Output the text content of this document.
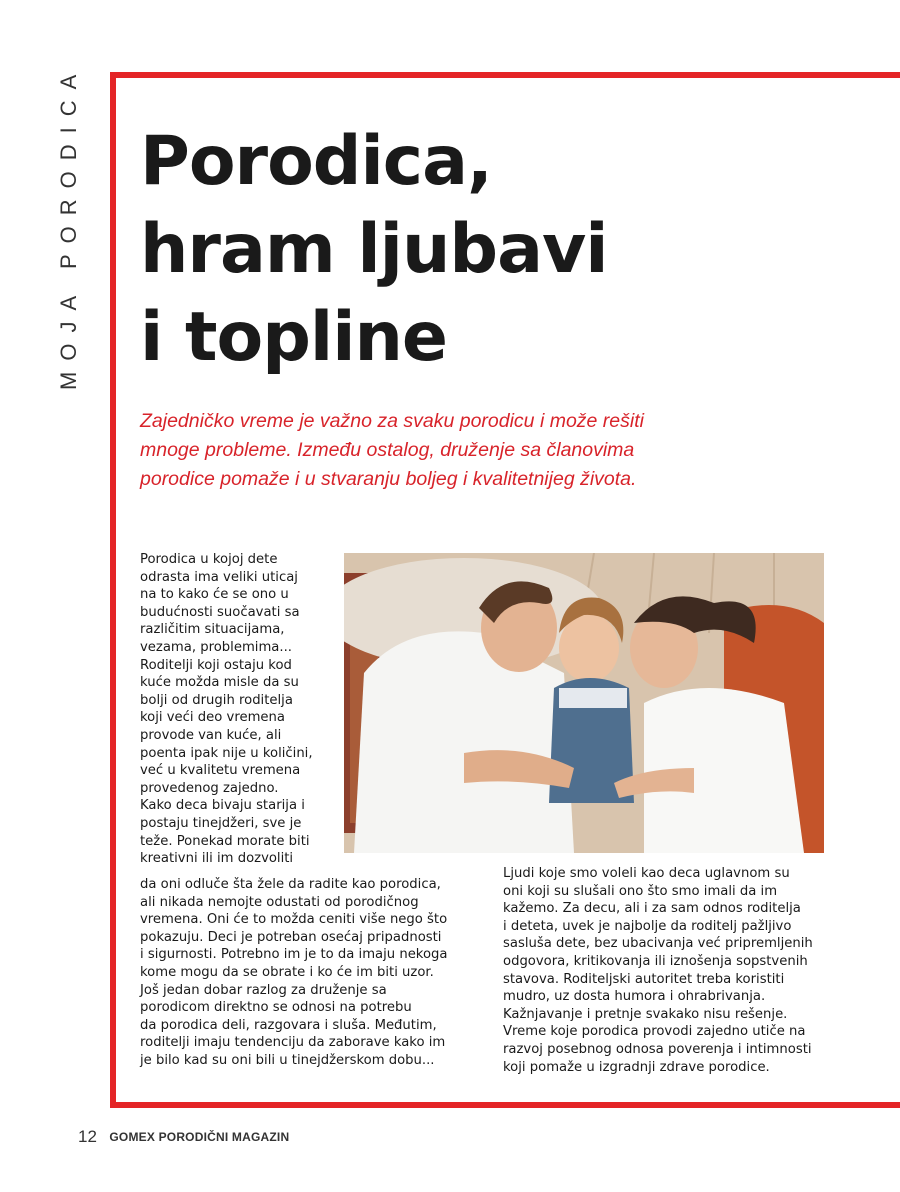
MOJA PORODICA Porodica,
hram ljubavi
i topline
Zajedničko vreme je važno za svaku porodicu i može rešiti
mnoge probleme. Između ostalog, druženje sa članovima
porodice pomaže i u stvaranju boljeg i kvalitetnijeg života.
Porodica u kojoj dete
odrasta ima veliki uticaj
na to kako će se ono u
budućnosti suočavati sa
različitim situacijama,
vezama, problemima...
Roditelji koji ostaju kod
kuće možda misle da su
bolji od drugih roditelja
koji veći deo vremena
provode van kuće, ali
poenta ipak nije u količini,
već u kvalitetu vremena
provedenog zajedno.
Kako deca bivaju starija i
postaju tinejdžeri, sve je
teže. Ponekad morate biti
kreativni ili im dozvoliti
da oni odluče šta žele da radite kao porodica,
ali nikada nemojte odustati od porodičnog
vremena. Oni će to možda ceniti više nego što
pokazuju. Deci je potreban osećaj pripadnosti
i sigurnosti. Potrebno im je to da imaju nekoga
kome mogu da se obrate i ko će im biti uzor.
Još jedan dobar razlog za druženje sa
porodicom direktno se odnosi na potrebu
da porodica deli, razgovara i sluša. Međutim,
roditelji imaju tendenciju da zaborave kako im
je bilo kad su oni bili u tinejdžerskom dobu...
Ljudi koje smo voleli kao deca uglavnom su
oni koji su slušali ono što smo imali da im
kažemo. Za decu, ali i za sam odnos roditelja
i deteta, uvek je najbolje da roditelj pažljivo
sasluša dete, bez ubacivanja već pripremljenih
odgovora, kritikovanja ili iznošenja sopstvenih
stavova. Roditeljski autoritet treba koristiti
mudro, uz dosta humora i ohrabrivanja.
Kažnjavanje i pretnje svakako nisu rešenje.
Vreme koje porodica provodi zajedno utiče na
razvoj posebnog odnosa poverenja i intimnosti
koji pomaže u izgradnji zdrave porodice.
12 GOMEX PORODIČNI MAGAZIN
